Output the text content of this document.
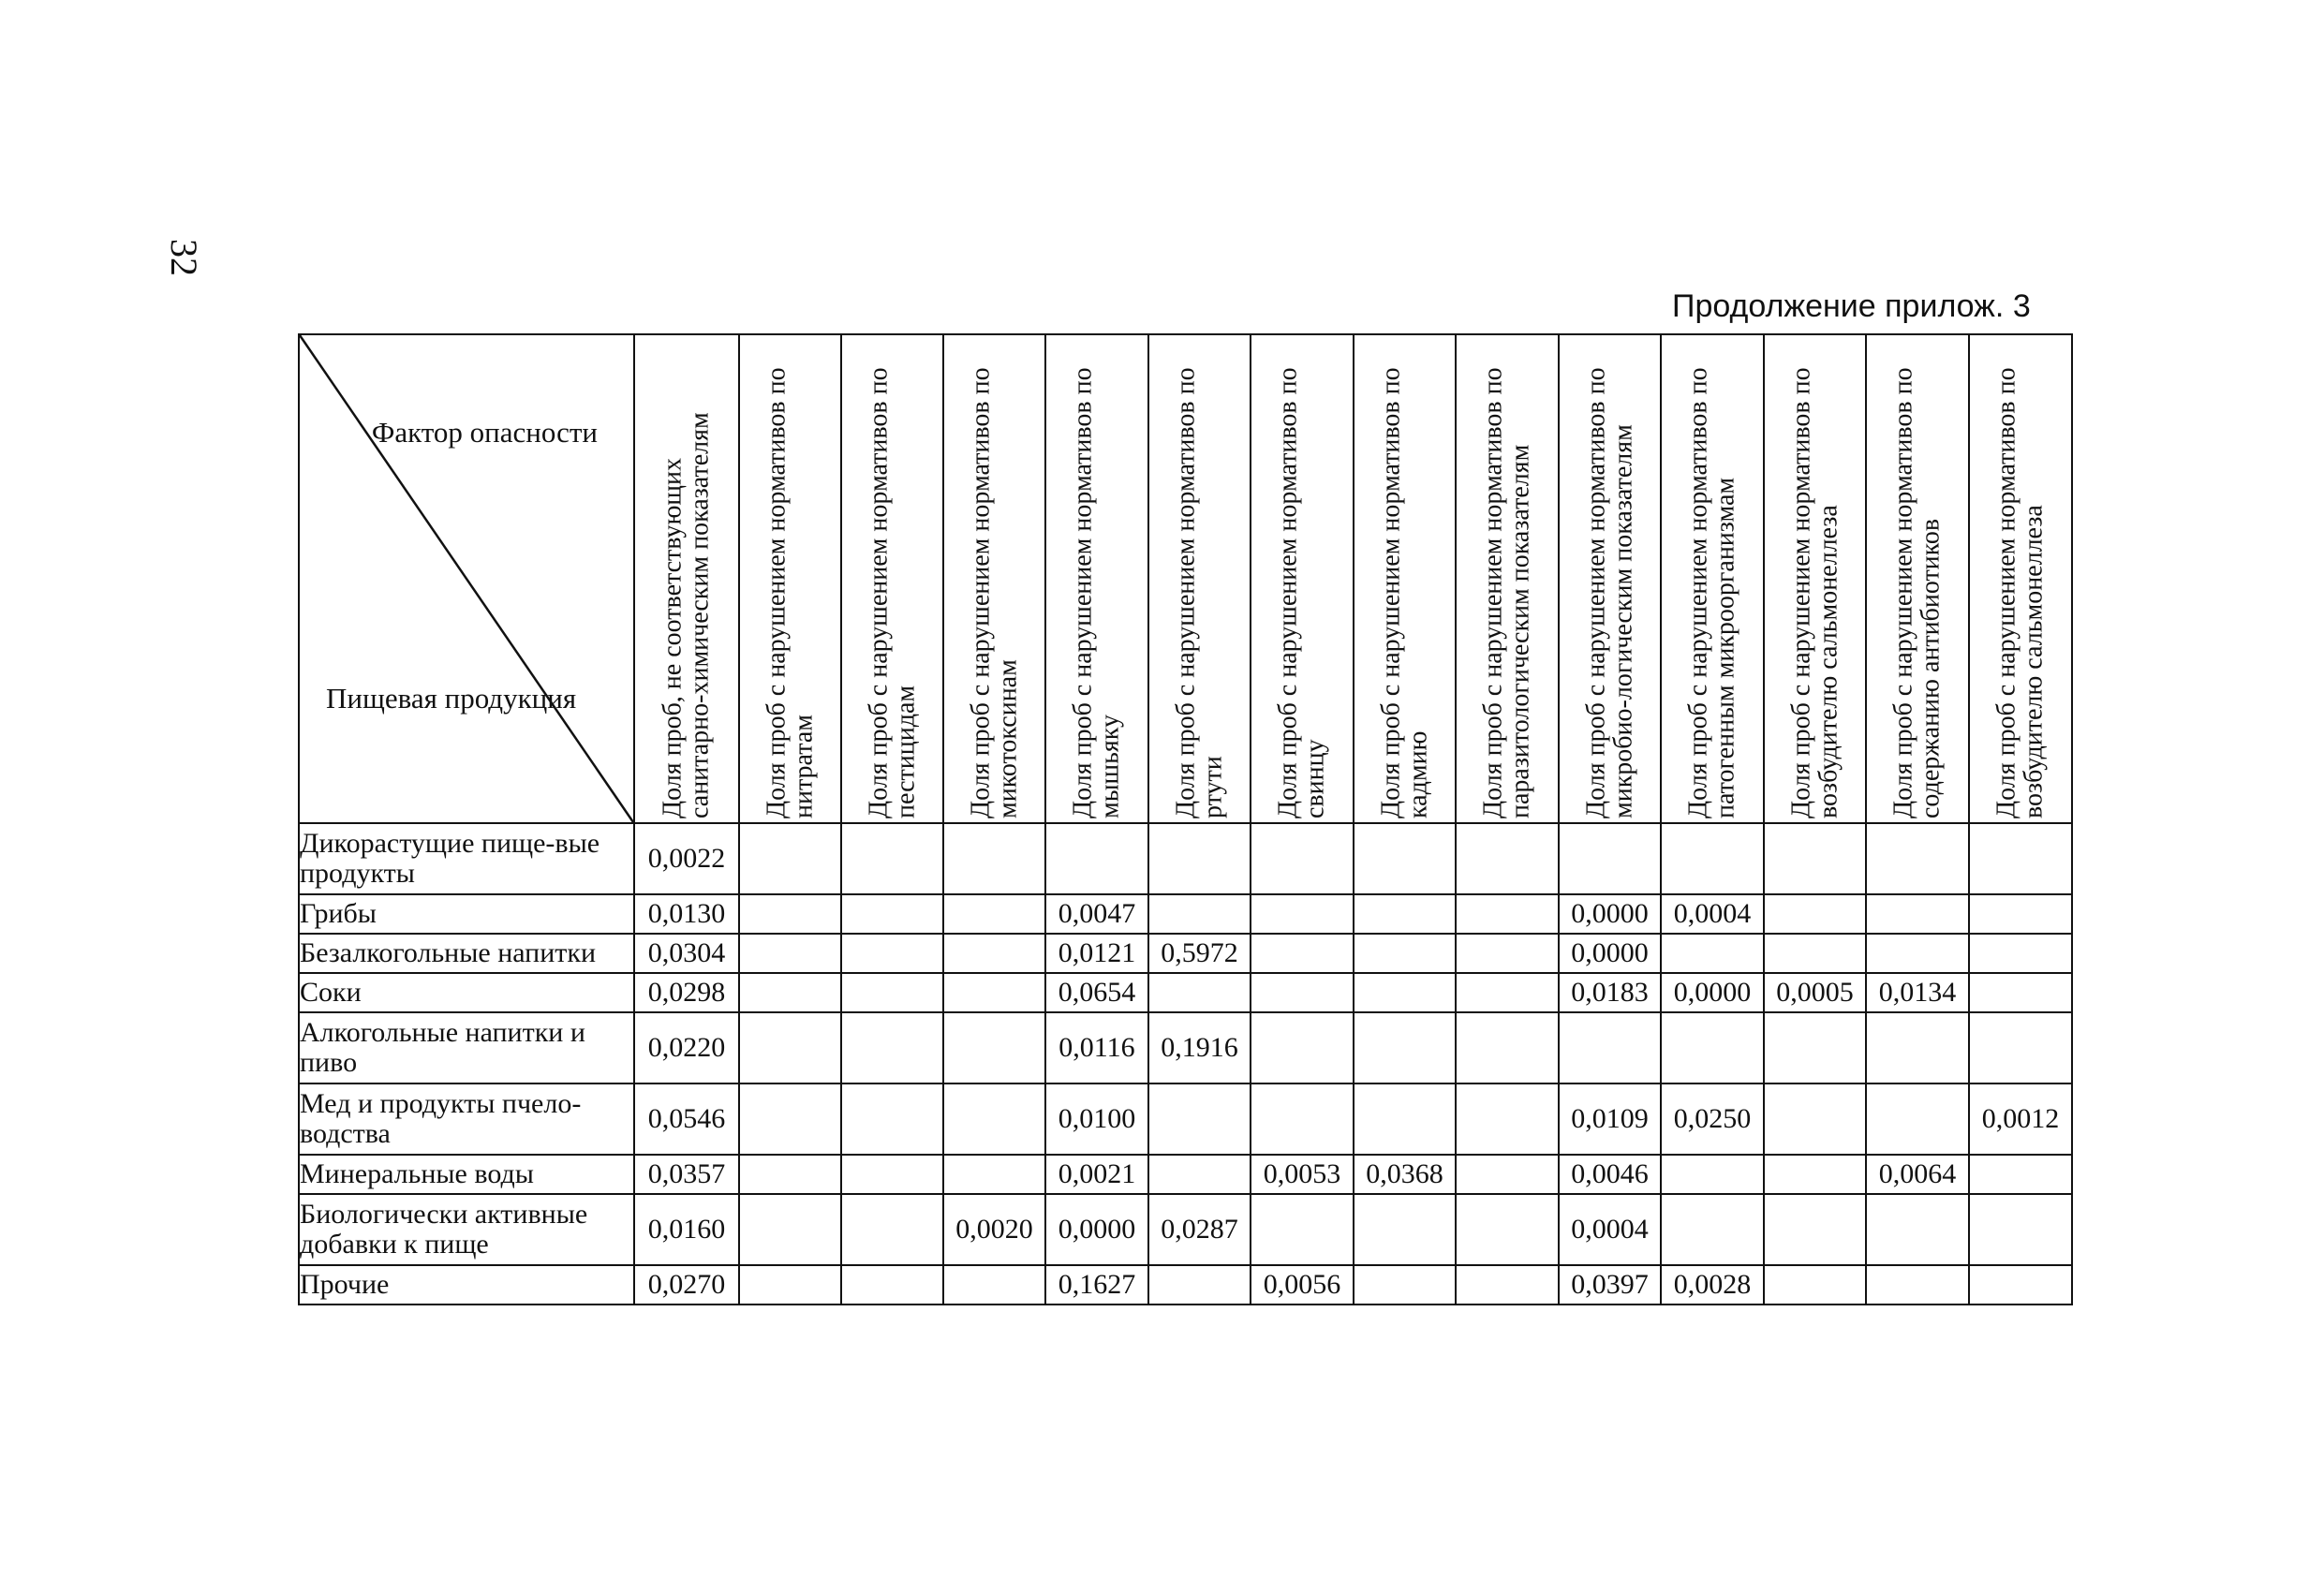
32
Продолжение прилож. 3
Фактор опасности
Пищевая продукция	Доля проб, не соответствующих санитарно-химическим показателям	Доля проб с нарушением нормативов по нитратам	Доля проб с нарушением нормативов по пестицидам	Доля проб с нарушением нормативов по микотоксинам	Доля проб с нарушением нормативов по мышьяку	Доля проб с нарушением нормативов по ртути	Доля проб с нарушением нормативов по свинцу	Доля проб с нарушением нормативов по кадмию	Доля проб с нарушением нормативов по паразитологическим показателям	Доля проб с нарушением нормативов по микробио-логическим показателям	Доля проб с нарушением нормативов по патогенным микроорганизмам	Доля проб с нарушением нормативов по возбудителю сальмонеллеза	Доля проб с нарушением нормативов по содержанию антибиотиков	Доля проб с нарушением нормативов по возбудителю сальмонеллеза

Дикорастущие пище-вые продукты	0,0022													
Грибы	0,0130				0,0047					0,0000	0,0004			
Безалкогольные напитки	0,0304				0,0121	0,5972				0,0000				
Соки	0,0298				0,0654					0,0183	0,0000	0,0005	0,0134	
Алкогольные напитки и пиво	0,0220				0,0116	0,1916								
Мед и продукты пчело-водства	0,0546				0,0100					0,0109	0,0250			0,0012
Минеральные воды	0,0357				0,0021		0,0053	0,0368		0,0046			0,0064	
Биологически активные добавки к пище	0,0160			0,0020	0,0000	0,0287				0,0004				
Прочие	0,0270				0,1627		0,0056			0,0397	0,0028			
